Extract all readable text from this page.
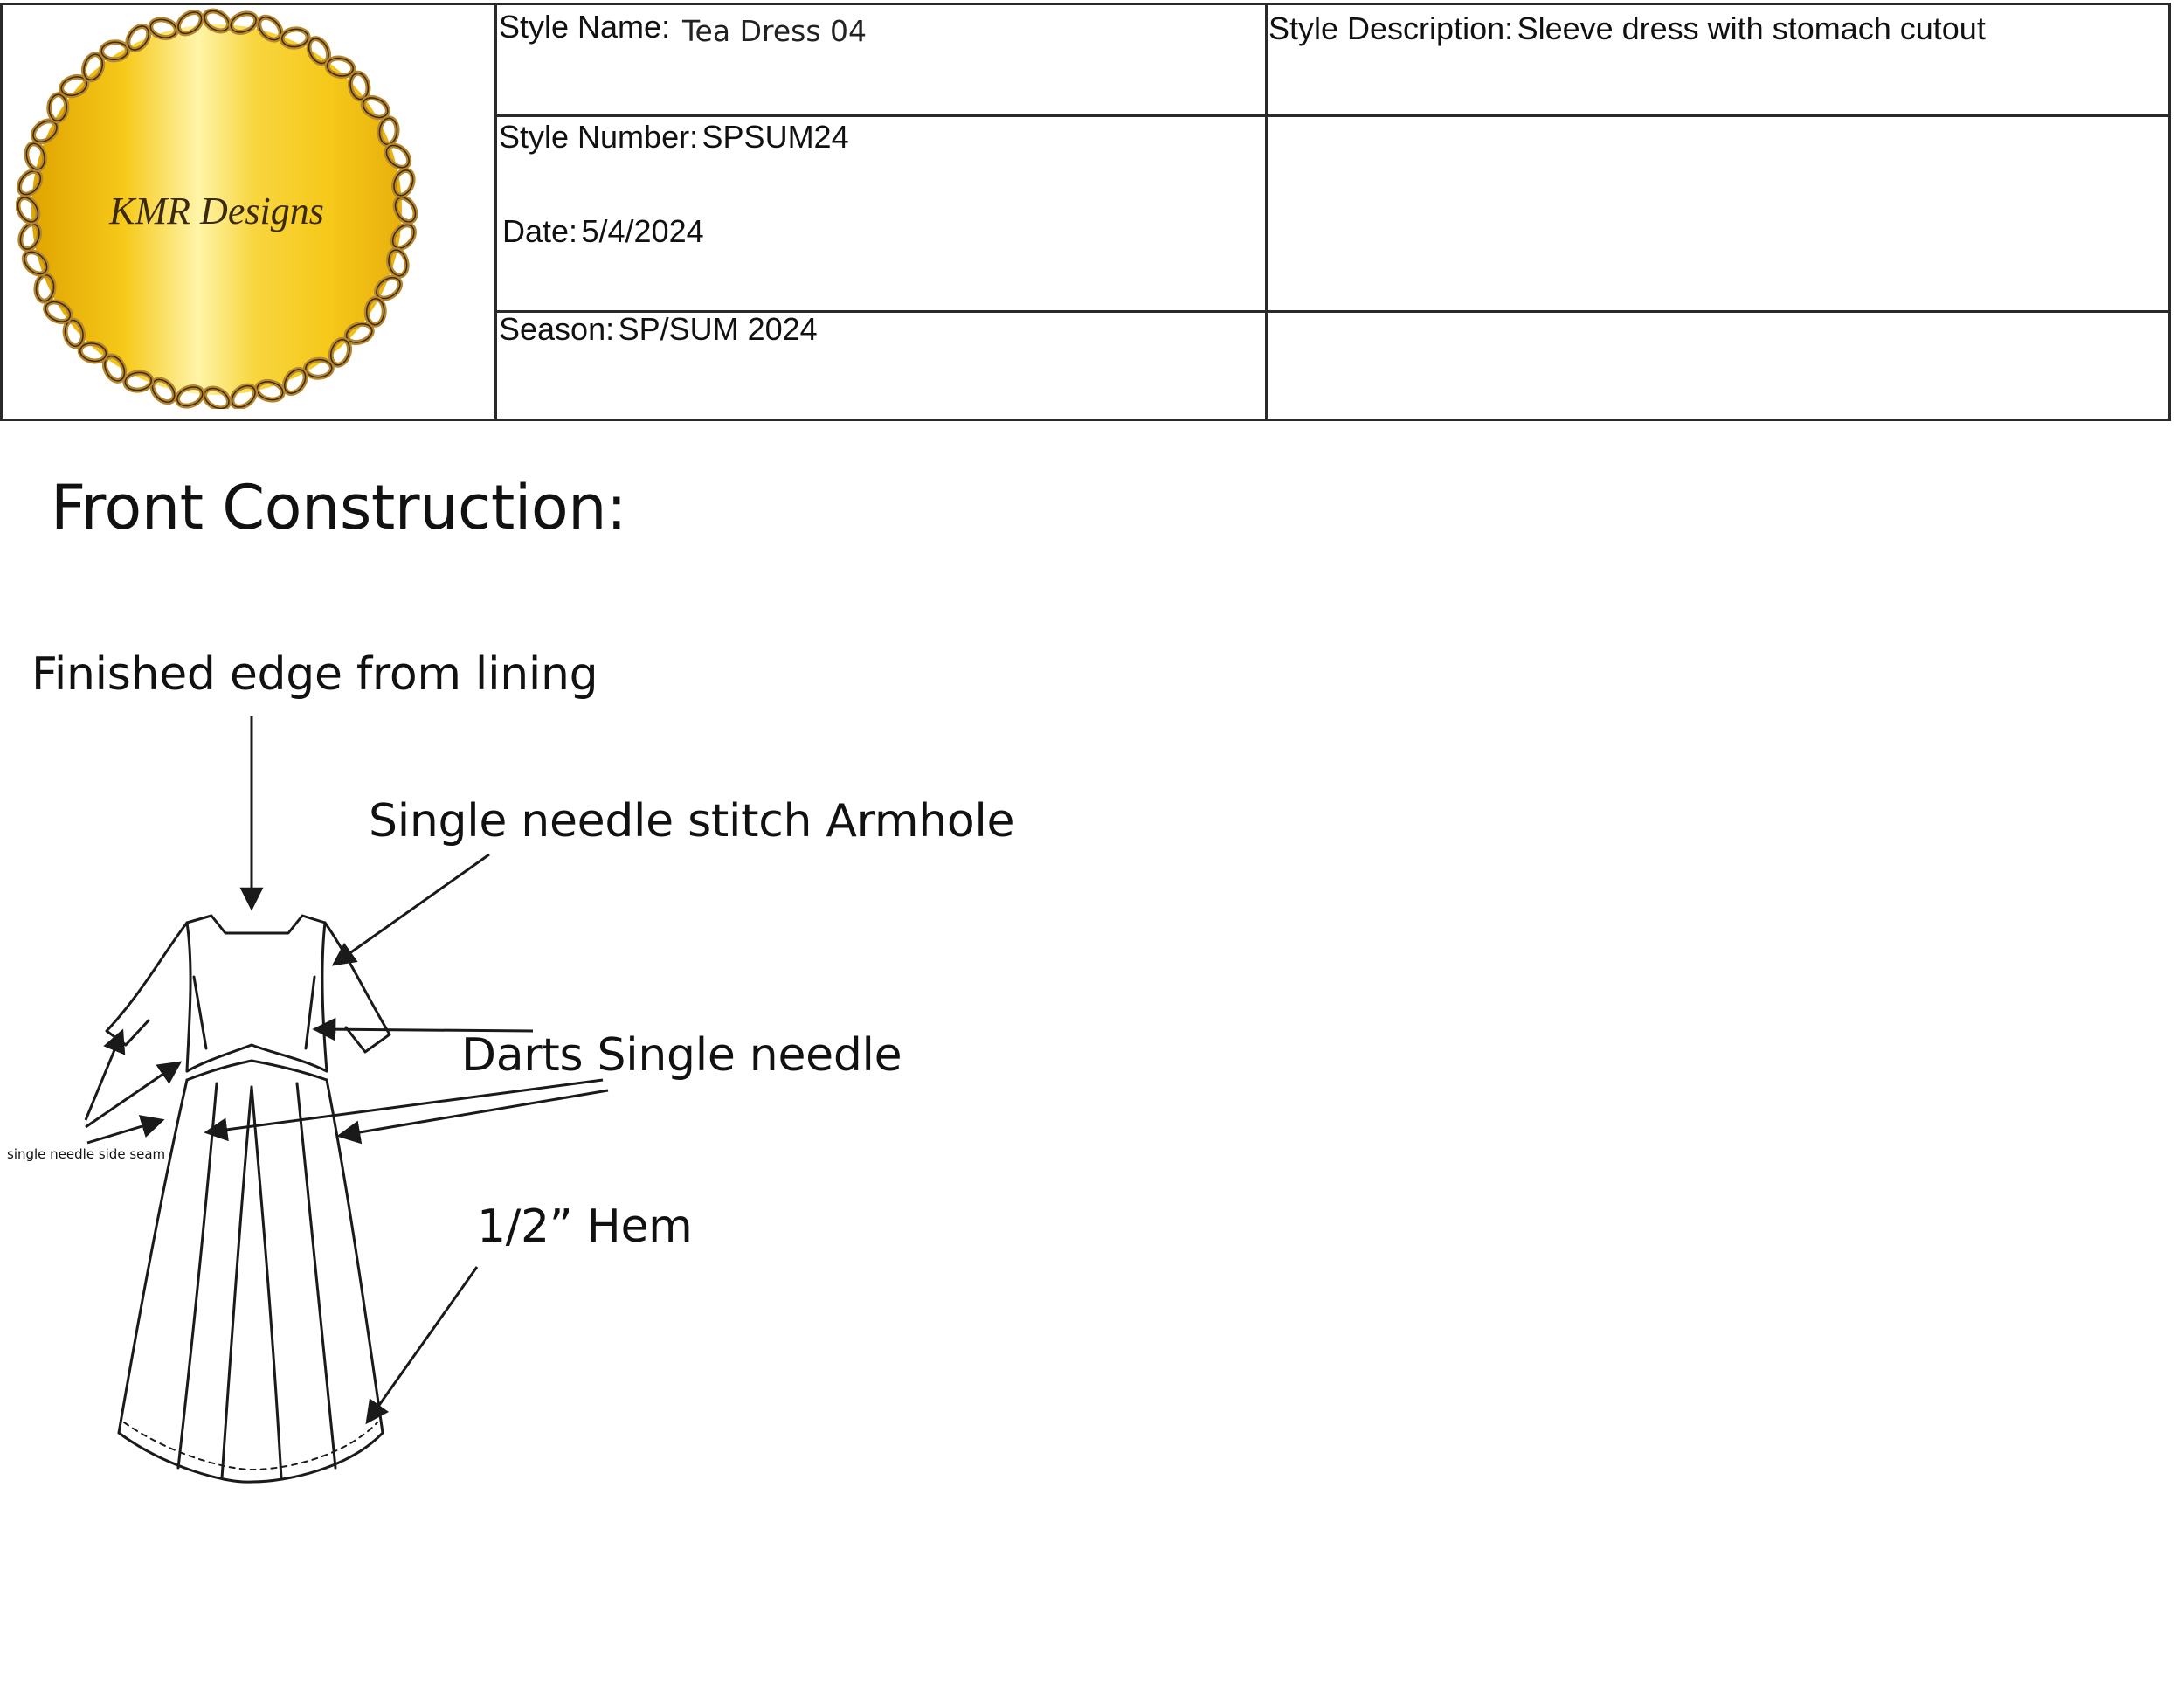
Style Name: Tea Dress 04	Style Description: Sleeve dress with stomach cutout
Style Number: SPSUM24
Date: 5/4/2024
Season: SP/SUM 2024
KMR Designs
Front Construction:
Finished edge from lining
Single needle stitch Armhole
Darts Single needle
1/2” Hem
single needle side seam
